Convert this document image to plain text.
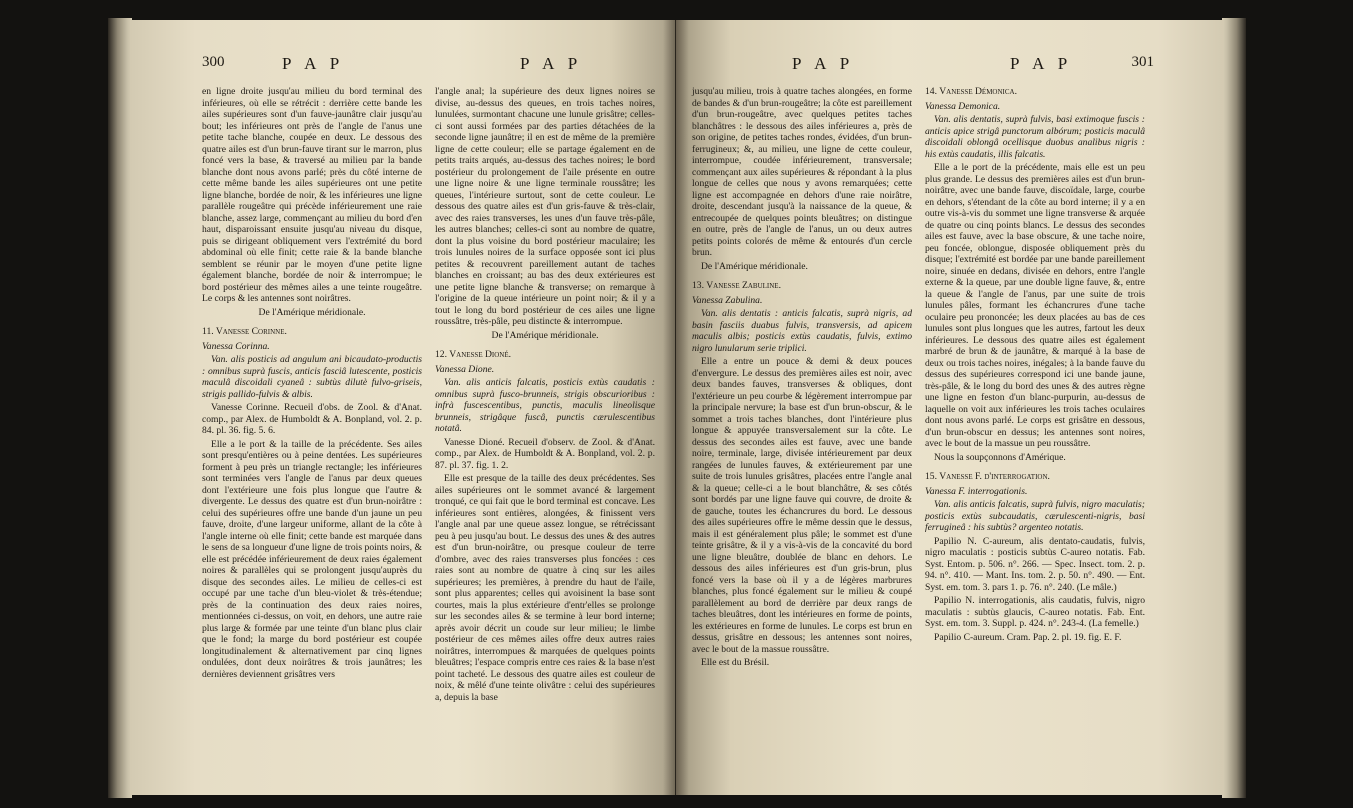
300	P A P	P A P

en ligne droite jusqu'au milieu du bord terminal des inférieures, où elle se rétrécit : derrière cette bande les ailes supérieures sont d'un fauve-jaunâtre clair jusqu'au bout; les inférieures ont près de l'angle de l'anus une petite tache blanche, coupée en deux. Le dessous des quatre ailes est d'un brun-fauve tirant sur le marron, plus foncé vers la base, & traversé au milieu par la bande blanche dont nous avons parlé; près du côté interne de cette même bande les ailes supérieures ont une petite ligne blanche, bordée de noir, & les inférieures une ligne parallèle rougeâtre qui précède inférieurement une raie blanche, assez large, commençant au milieu du bord d'en haut, disparoissant ensuite jusqu'au niveau du disque, puis se dirigeant obliquement vers l'extrémité du bord abdominal où elle finit; cette raie & la bande blanche semblent se réunir par le moyen d'une petite ligne également blanche, bordée de noir & interrompue; le bord postérieur des mêmes ailes a une teinte rougeâtre. Le corps & les antennes sont noirâtres.

De l'Amérique méridionale.

11. Vanesse Corinne.

Vanessa Corinna.

Van. alis posticis ad angulum ani bicaudato-productis : omnibus suprà fuscis, anticis fasciâ lutescente, posticis maculâ discoidali cyaneâ : subtùs dilutè fulvo-griseis, strigis pallido-fulvis & albis.

Vanesse Corinne. Recueil d'obs. de Zool. & d'Anat. comp., par Alex. de Humboldt & A. Bonpland, vol. 2. p. 84. pl. 36. fig. 5. 6.

Elle a le port & la taille de la précédente. Ses ailes sont presqu'entières ou à peine dentées. Les supérieures forment à peu près un triangle rectangle; les inférieures sont terminées vers l'angle de l'anus par deux queues dont l'extérieure une fois plus longue que l'autre & divergente. Le dessus des quatre est d'un brun-noirâtre : celui des supérieures offre une bande d'un jaune un peu fauve, droite, d'une largeur uniforme, allant de la côte à l'angle interne où elle finit; cette bande est marquée dans le sens de sa longueur d'une ligne de trois points noirs, & elle est précédée inférieurement de deux raies également noires & parallèles qui se prolongent jusqu'auprès du disque des secondes ailes. Le milieu de celles-ci est occupé par une tache d'un bleu-violet & très-étendue; près de la continuation des deux raies noires, mentionnées ci-dessus, on voit, en dehors, une autre raie plus large & formée par une teinte d'un blanc plus clair que le fond; la marge du bord postérieur est coupée longitudinalement & alternativement par cinq lignes ondulées, dont deux noirâtres & trois jaunâtres; les dernières deviennent grisâtres vers

l'angle anal; la supérieure des deux lignes noires se divise, au-dessus des queues, en trois taches noires, lunulées, surmontant chacune une lunule grisâtre; celles-ci sont aussi formées par des parties détachées de la seconde ligne jaunâtre; il en est de même de la première ligne de cette couleur; elle se partage également en de petits traits arqués, au-dessus des taches noires; le bord postérieur du prolongement de l'aile présente en outre une ligne noire & une ligne terminale roussâtre; les queues, l'intérieure surtout, sont de cette couleur. Le dessous des quatre ailes est d'un gris-fauve & très-clair, avec des raies transverses, les unes d'un fauve très-pâle, les autres blanches; celles-ci sont au nombre de quatre, dont la plus voisine du bord postérieur maculaire; les trois lunules noires de la surface opposée sont ici plus petites & recouvrent pareillement autant de taches blanches en croissant; au bas des deux extérieures est une petite ligne blanche & transverse; on remarque à l'origine de la queue intérieure un point noir; & il y a tout le long du bord postérieur de ces ailes une ligne roussâtre, très-pâle, peu distincte & interrompue.

De l'Amérique méridionale.

12. Vanesse Dioné.

Vanessa Dione.

Van. alis anticis falcatis, posticis extùs caudatis : omnibus suprà fusco-brunneis, strigis obscurioribus : infrà fuscescentibus, punctis, maculis lineolisque brunneis, strigâque fuscâ, punctis cærulescentibus notatâ.

Vanesse Dioné. Recueil d'observ. de Zool. & d'Anat. comp., par Alex. de Humboldt & A. Bonpland, vol. 2. p. 87. pl. 37. fig. 1. 2.

Elle est presque de la taille des deux précédentes. Ses ailes supérieures ont le sommet avancé & largement tronqué, ce qui fait que le bord terminal est concave. Les inférieures sont entières, alongées, & finissent vers l'angle anal par une queue assez longue, se rétrécissant peu à peu jusqu'au bout. Le dessus des unes & des autres est d'un brun-noirâtre, ou presque couleur de terre d'ombre, avec des raies transverses plus foncées : ces raies sont au nombre de quatre à cinq sur les ailes supérieures; les premières, à prendre du haut de l'aile, sont plus apparentes; celles qui avoisinent la base sont courtes, mais la plus extérieure d'entr'elles se prolonge sur les secondes ailes & se termine à leur bord interne; après avoir décrit un coude sur leur milieu; le limbe postérieur de ces mêmes ailes offre deux autres raies noirâtres, interrompues & marquées de quelques points bleuâtres; l'espace compris entre ces raies & la base n'est point tacheté. Le dessous des quatre ailes est couleur de noix, & mêlé d'une teinte olivâtre : celui des supérieures a, depuis la base

P A P	P A P	301

jusqu'au milieu, trois à quatre taches alongées, en forme de bandes & d'un brun-rougeâtre; la côte est pareillement d'un brun-rougeâtre, avec quelques petites taches blanchâtres : le dessous des ailes inférieures a, près de son origine, de petites taches rondes, évidées, d'un brun-ferrugineux; &, au milieu, une ligne de cette couleur, interrompue, coudée inférieurement, transversale; commençant aux ailes supérieures & répondant à la plus longue de celles que nous y avons remarquées; cette ligne est accompagnée en dehors d'une raie noirâtre, droite, descendant jusqu'à la naissance de la queue, & entrecoupée de quelques points bleuâtres; on distingue en outre, près de l'angle de l'anus, un ou deux autres petits points colorés de même & entourés d'un cercle brun.

De l'Amérique méridionale.

13. Vanesse Zabuline.

Vanessa Zabulina.

Van. alis dentatis : anticis falcatis, suprà nigris, ad basin fasciis duabus fulvis, transversis, ad apicem maculis albis; posticis extùs caudatis, fulvis, extimo nigro lunularum serie triplici.

Elle a entre un pouce & demi & deux pouces d'envergure. Le dessus des premières ailes est noir, avec deux bandes fauves, transverses & obliques, dont l'extérieure un peu courbe & légèrement interrompue par la principale nervure; la base est d'un brun-obscur, & le sommet a trois taches blanches, dont l'intérieure plus longue & appuyée transversalement sur la côte. Le dessus des secondes ailes est fauve, avec une bande noire, terminale, large, divisée intérieurement par deux rangées de lunules fauves, & extérieurement par une suite de trois lunules grisâtres, placées entre l'angle anal & la queue; celle-ci a le bout blanchâtre, & ses côtés sont bordés par une ligne fauve qui couvre, de droite & de gauche, toutes les échancrures du bord. Le dessous des ailes supérieures offre le même dessin que le dessus, mais il est généralement plus pâle; le sommet est d'une teinte grisâtre, & il y a vis-à-vis de la concavité du bord une ligne bleuâtre, doublée de blanc en dehors. Le dessous des ailes inférieures est d'un gris-brun, plus foncé vers la base où il y a de légères marbrures blanches, plus foncé également sur le milieu & coupé parallèlement au bord de derrière par deux rangs de taches bleuâtres, dont les intérieures en forme de points, les extérieures en forme de lunules. Le corps est brun en dessus, grisâtre en dessous; les antennes sont noires, avec le bout de la massue roussâtre.

Elle est du Brésil.

14. Vanesse Démonica.

Vanessa Demonica.

Van. alis dentatis, suprà fulvis, basi extimoque fuscis : anticis apice strigâ punctorum albórum; posticis maculâ discoidali oblongâ ocellisque duobus analibus nigris : his extùs caudatis, illis falcatis.

Elle a le port de la précédente, mais elle est un peu plus grande. Le dessus des premières ailes est d'un brun-noirâtre, avec une bande fauve, discoïdale, large, courbe en dehors, s'étendant de la côte au bord interne; il y a en outre vis-à-vis du sommet une ligne transverse & arquée de quatre ou cinq points blancs. Le dessus des secondes ailes est fauve, avec la base obscure, & une tache noire, peu foncée, oblongue, disposée obliquement près du disque; l'extrémité est bordée par une bande pareillement noire, sinuée en dedans, divisée en dehors, entre l'angle externe & la queue, par une double ligne fauve, &, entre la queue & l'angle de l'anus, par une suite de trois lunules pâles, formant les échancrures d'une tache oculaire peu prononcée; les deux placées au bas de ces lunules sont plus longues que les autres, fartout les deux inférieures. Le dessous des quatre ailes est également marbré de brun & de jaunâtre, & marqué à la base de deux ou trois taches noires, inégales; à la bande fauve du dessus des supérieures correspond ici une bande jaune, très-pâle, & le long du bord des unes & des autres règne une ligne en feston d'un blanc-purpurin, au-dessus de laquelle on voit aux inférieures les trois taches oculaires dont nous avons parlé. Le corps est grisâtre en dessous, d'un brun-obscur en dessus; les antennes sont noires, avec le bout de la massue un peu roussâtre.

Nous la soupçonnons d'Amérique.

15. Vanesse F. d'interrogation.

Vanessa F. interrogationis.

Van. alis anticis falcatis, suprà fulvis, nigro maculatis; posticis extùs subcaudatis, cærulescenti-nigris, basi ferrugineâ : his subtùs? argenteo notatis.

Papilio N. C-aureum, alis dentato-caudatis, fulvis, nigro maculatis : posticis subtùs C-aureo notatis. Fab. Syst. Entom. p. 506. n°. 266. — Spec. Insect. tom. 2. p. 94. n°. 410. — Mant. Ins. tom. 2. p. 50. n°. 490. — Ent. Syst. em. tom. 3. pars 1. p. 76. n°. 240. (Le mâle.)

Papilio N. interrogationis, alis caudatis, fulvis, nigro maculatis : subtùs glaucis, C-aureo notatis. Fab. Ent. Syst. em. tom. 3. Suppl. p. 424. n°. 243-4. (La femelle.)

Papilio C-aureum. Cram. Pap. 2. pl. 19. fig. E. F.
